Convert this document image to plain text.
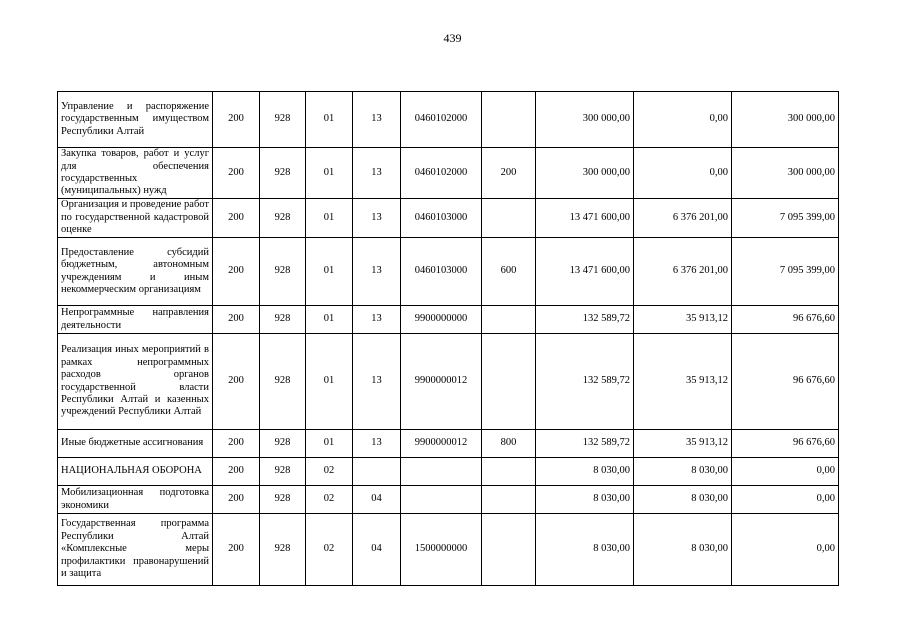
439
Управление и распоряжение государственным имуществом Республики Алтай	200	928	01	13	0460102000		300 000,00	0,00	300 000,00
Закупка товаров, работ и услуг для обеспечения государственных (муниципальных) нужд	200	928	01	13	0460102000	200	300 000,00	0,00	300 000,00
Организация и проведение работ по государственной кадастровой оценке	200	928	01	13	0460103000		13 471 600,00	6 376 201,00	7 095 399,00
Предоставление субсидий бюджетным, автономным учреждениям и иным некоммерческим организациям	200	928	01	13	0460103000	600	13 471 600,00	6 376 201,00	7 095 399,00
Непрограммные направления деятельности	200	928	01	13	9900000000		132 589,72	35 913,12	96 676,60
Реализация иных мероприятий в рамках непрограммных расходов органов государственной власти Республики Алтай и казенных учреждений Республики Алтай	200	928	01	13	9900000012		132 589,72	35 913,12	96 676,60
Иные бюджетные ассигнования	200	928	01	13	9900000012	800	132 589,72	35 913,12	96 676,60
НАЦИОНАЛЬНАЯ ОБОРОНА	200	928	02				8 030,00	8 030,00	0,00
Мобилизационная подготовка экономики	200	928	02	04			8 030,00	8 030,00	0,00
Государственная программа Республики Алтай «Комплексные меры профилактики правонарушений и защита	200	928	02	04	1500000000		8 030,00	8 030,00	0,00
